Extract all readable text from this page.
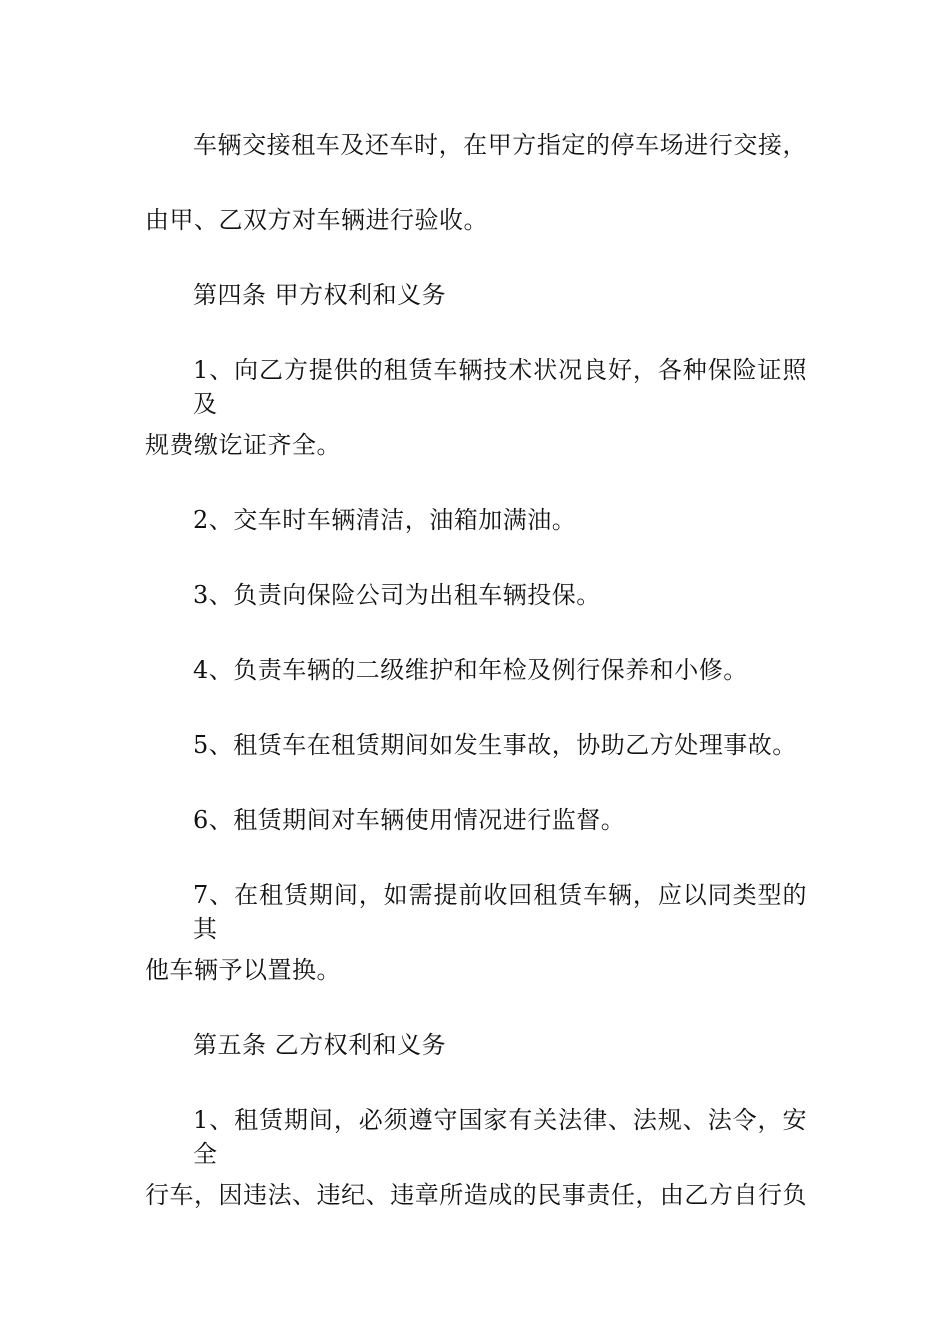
车辆交接租车及还车时，在甲方指定的停车场进行交接，

由甲、乙双方对车辆进行验收。

第四条 甲方权利和义务

1、向乙方提供的租赁车辆技术状况良好，各种保险证照及

规费缴讫证齐全。

2、交车时车辆清洁，油箱加满油。

3、负责向保险公司为出租车辆投保。

4、负责车辆的二级维护和年检及例行保养和小修。

5、租赁车在租赁期间如发生事故，协助乙方处理事故。

6、租赁期间对车辆使用情况进行监督。

7、在租赁期间，如需提前收回租赁车辆，应以同类型的其

他车辆予以置换。

第五条 乙方权利和义务

1、租赁期间，必须遵守国家有关法律、法规、法令，安全

行车，因违法、违纪、违章所造成的民事责任，由乙方自行负
